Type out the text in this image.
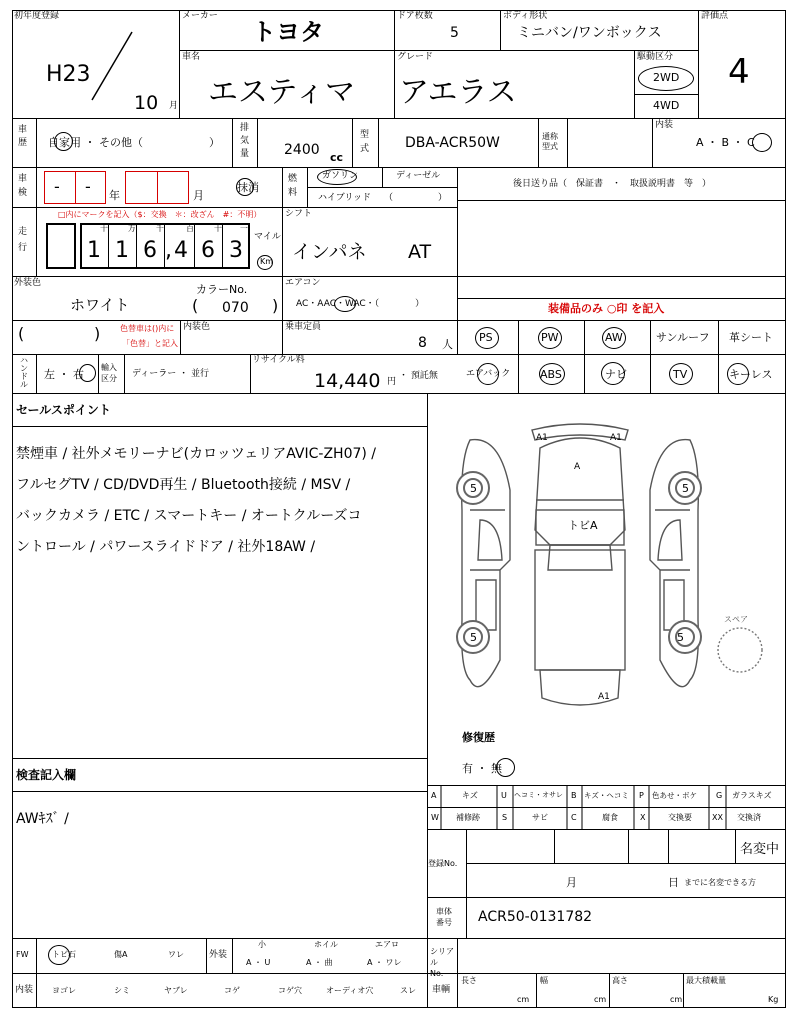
初年度登録
H23
10 月
メーカー
トヨタ
ドア枚数
5
ボディ形状
ミニバン/ワンボックス
評価点
4
車名
エスティマ
グレード
アエラス
駆動区分
2WD
4WD
車
歴 自家用 ・ その他（　　　　　　）
排
気
量 2400 cc
型
式	DBA-ACR50W	通称
型式
内装
A ・ B ・ C
車
検 - - 年	月
抹消
燃
料
ガソリン	ディーゼル
ハイブリッド （　　　　　）
後日送り品（　保証書　・　取扱説明書　等　）
走
行
□内にマークを記入（$：交換　＊：改ざん　#：不明）
十	万	千	百	十 一
1 1 6 , 4 6 3
マイル
Km
シフト
インパネ AT
外装色
ホワイト
カラーNo.
( 070 )
エアコン
AC・AAC・WAC・（　　　　）	装備品のみ ○印 を記入
(	) 色替車は()内に
「色替」と記入
内装色	乗車定員
8 人
PS	PW	AW	サンルーフ 革シート
ハ
ン
ド
ル
左 ・ 右
輸入
区分	ディーラー ・ 並行
リサイクル料
14,440 円
・ 預託無	エアバック	ABS	ナビ	TV	キーレス
セールスポイント
禁煙車 / 社外メモリーナビ(カロッツェリアAVIC-ZH07) /
フルセグTV / CD/DVD再生 / Bluetooth接続 / MSV /
バックカメラ / ETC / スマートキー / オートクルーズコ
ントロール / パワースライドドア / 社外18AW /
A1	A1
A
トビA
A1
5	5
5	5
スペア
修復歴
有 ・ 無
検査記入欄
AWｷｽﾞ /
A	キズ	U ヘコミ・オサレ B キズ・ヘコミ P 色あせ・ボケ G ガラスキズ
W 補修跡	S	サビ	C	腐食	X	交換要	XX 交換済
登録No.
名変中
月	日 までに名変できる方
車体
番号	ACR50-0131782
FW	トビ石	傷A	ワレ	外装
小
A ・ U
ホイル
A ・ 曲
エアロ
A ・ ワレ
シリアル
No.
内装 ヨゴレ	シミ	ヤブレ	コゲ	コゲ穴	オーディオ穴	スレ 車輌
長さ
cm
幅
cm
高さ
cm
最大積載量
Kg
